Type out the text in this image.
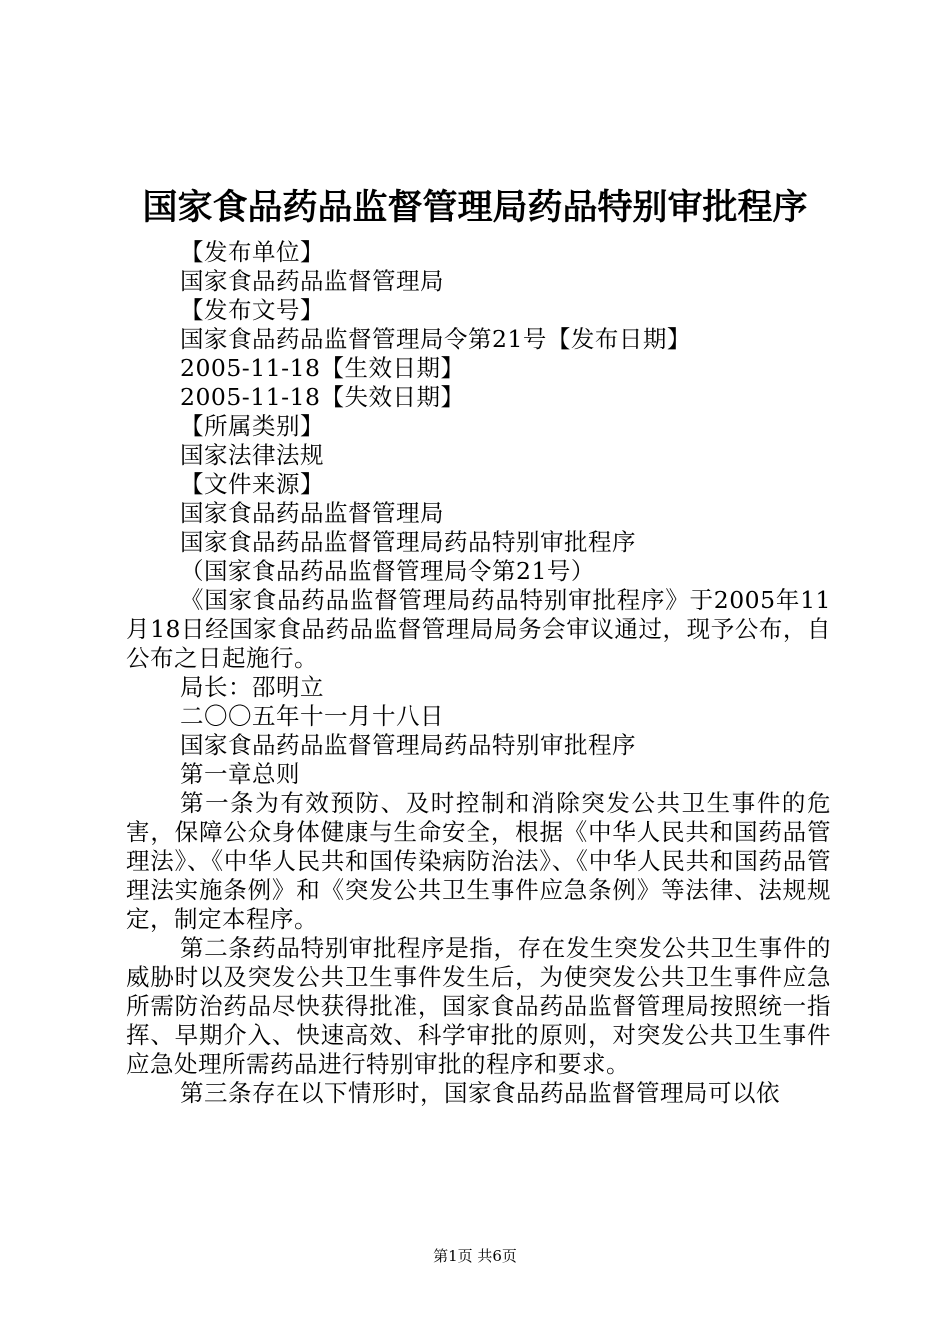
国家食品药品监督管理局药品特别审批程序
【发布单位】
国家食品药品监督管理局
【发布文号】
国家食品药品监督管理局令第21号【发布日期】
2005-11-18【生效日期】
2005-11-18【失效日期】
【所属类别】
国家法律法规
【文件来源】
国家食品药品监督管理局
国家食品药品监督管理局药品特别审批程序
（国家食品药品监督管理局令第21号）
《国家食品药品监督管理局药品特别审批程序》于2005年11月18日经国家食品药品监督管理局局务会审议通过，现予公布，自公布之日起施行。
局长：邵明立
二〇〇五年十一月十八日
国家食品药品监督管理局药品特别审批程序
第一章总则
第一条为有效预防、及时控制和消除突发公共卫生事件的危害，保障公众身体健康与生命安全，根据《中华人民共和国药品管理法》、《中华人民共和国传染病防治法》、《中华人民共和国药品管理法实施条例》和《突发公共卫生事件应急条例》等法律、法规规定，制定本程序。
第二条药品特别审批程序是指，存在发生突发公共卫生事件的威胁时以及突发公共卫生事件发生后，为使突发公共卫生事件应急所需防治药品尽快获得批准，国家食品药品监督管理局按照统一指挥、早期介入、快速高效、科学审批的原则，对突发公共卫生事件应急处理所需药品进行特别审批的程序和要求。
第三条存在以下情形时，国家食品药品监督管理局可以依
第1页 共6页
